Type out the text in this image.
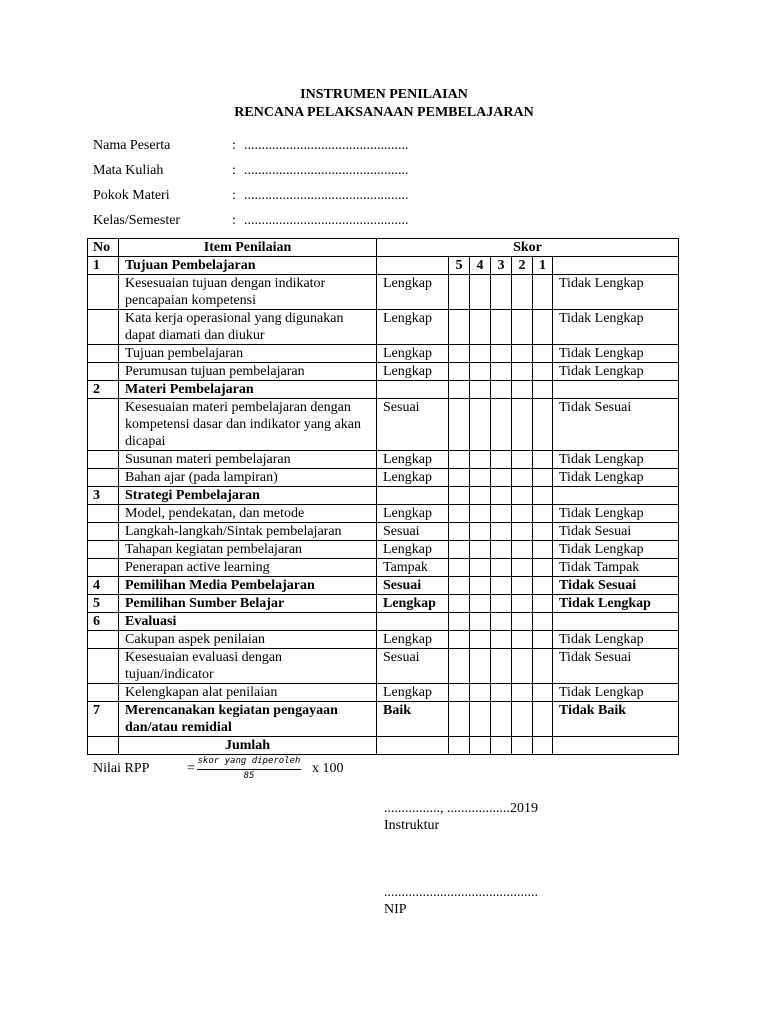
INSTRUMEN PENILAIAN
RENCANA PELAKSANAAN PEMBELAJARAN
Nama Peserta	: ...............................................
Mata Kuliah	: ...............................................
Pokok Materi	: ...............................................
Kelas/Semester	: ...............................................
No	Item Penilaian	Skor						
1	Tujuan Pembelajaran		5	4	3	2	1	
	Kesesuaian tujuan dengan indikator pencapaian kompetensi	Lengkap						Tidak Lengkap
	Kata kerja operasional yang digunakan dapat diamati dan diukur	Lengkap						Tidak Lengkap
	Tujuan pembelajaran	Lengkap						Tidak Lengkap
	Perumusan tujuan pembelajaran	Lengkap						Tidak Lengkap
2	Materi Pembelajaran							
	Kesesuaian materi pembelajaran dengan kompetensi dasar dan indikator yang akan dicapai	Sesuai						Tidak Sesuai
	Susunan materi pembelajaran	Lengkap						Tidak Lengkap
	Bahan ajar (pada lampiran)	Lengkap						Tidak Lengkap
3	Strategi Pembelajaran							
	Model, pendekatan, dan metode	Lengkap						Tidak Lengkap
	Langkah-langkah/Sintak pembelajaran	Sesuai						Tidak Sesuai
	Tahapan kegiatan pembelajaran	Lengkap						Tidak Lengkap
	Penerapan active learning	Tampak						Tidak Tampak
4	Pemilihan Media Pembelajaran	Sesuai						Tidak Sesuai
5	Pemilihan Sumber Belajar	Lengkap						Tidak Lengkap
6	Evaluasi							
	Cakupan aspek penilaian	Lengkap						Tidak Lengkap
	Kesesuaian evaluasi dengan tujuan/indicator	Sesuai						Tidak Sesuai
	Kelengkapan alat penilaian	Lengkap						Tidak Lengkap
7	Merencanakan kegiatan pengayaan dan/atau remidial	Baik						Tidak Baik
	Jumlah							
Nilai RPP	= skor yang diperoleh
85	x 100
................, ..................2019
Instruktur
............................................
NIP
